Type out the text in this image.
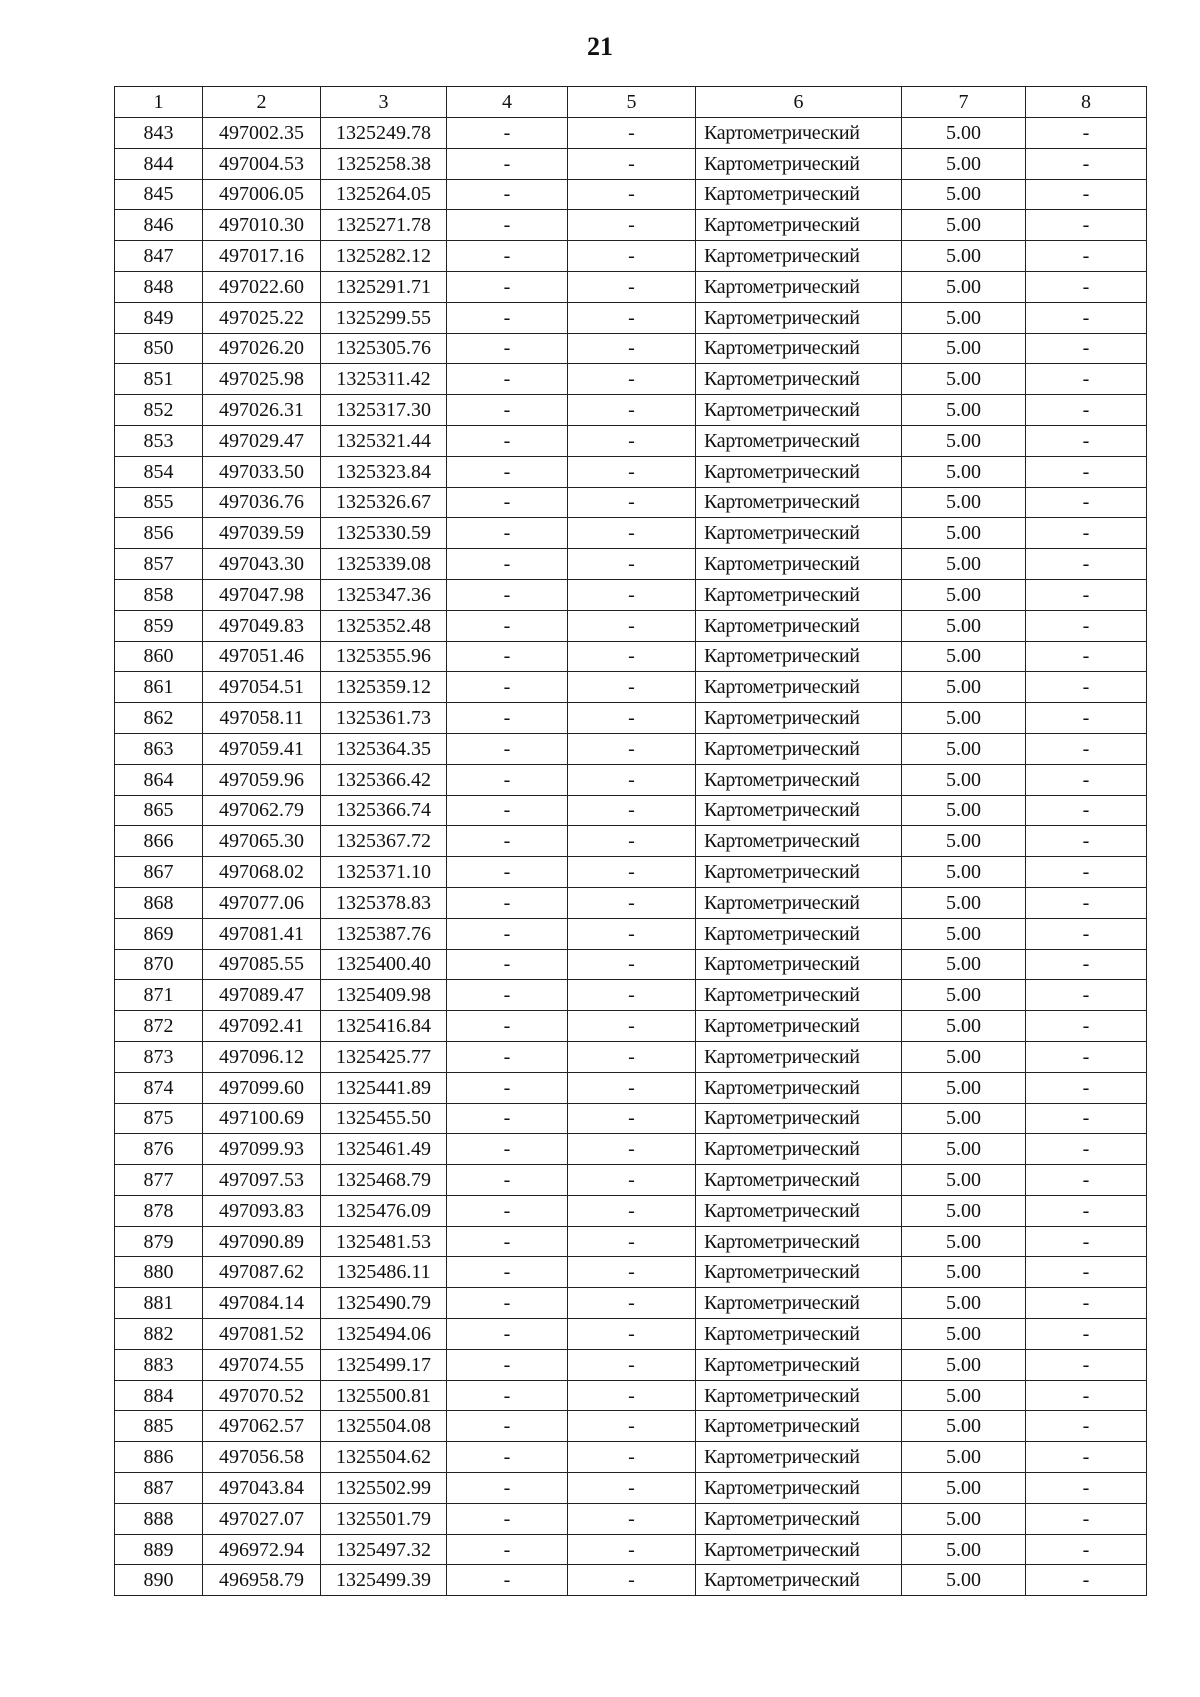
21
1	2	3	4	5	6	7	8
843	497002.35	1325249.78	-	-	Картометрический	5.00	-
844	497004.53	1325258.38	-	-	Картометрический	5.00	-
845	497006.05	1325264.05	-	-	Картометрический	5.00	-
846	497010.30	1325271.78	-	-	Картометрический	5.00	-
847	497017.16	1325282.12	-	-	Картометрический	5.00	-
848	497022.60	1325291.71	-	-	Картометрический	5.00	-
849	497025.22	1325299.55	-	-	Картометрический	5.00	-
850	497026.20	1325305.76	-	-	Картометрический	5.00	-
851	497025.98	1325311.42	-	-	Картометрический	5.00	-
852	497026.31	1325317.30	-	-	Картометрический	5.00	-
853	497029.47	1325321.44	-	-	Картометрический	5.00	-
854	497033.50	1325323.84	-	-	Картометрический	5.00	-
855	497036.76	1325326.67	-	-	Картометрический	5.00	-
856	497039.59	1325330.59	-	-	Картометрический	5.00	-
857	497043.30	1325339.08	-	-	Картометрический	5.00	-
858	497047.98	1325347.36	-	-	Картометрический	5.00	-
859	497049.83	1325352.48	-	-	Картометрический	5.00	-
860	497051.46	1325355.96	-	-	Картометрический	5.00	-
861	497054.51	1325359.12	-	-	Картометрический	5.00	-
862	497058.11	1325361.73	-	-	Картометрический	5.00	-
863	497059.41	1325364.35	-	-	Картометрический	5.00	-
864	497059.96	1325366.42	-	-	Картометрический	5.00	-
865	497062.79	1325366.74	-	-	Картометрический	5.00	-
866	497065.30	1325367.72	-	-	Картометрический	5.00	-
867	497068.02	1325371.10	-	-	Картометрический	5.00	-
868	497077.06	1325378.83	-	-	Картометрический	5.00	-
869	497081.41	1325387.76	-	-	Картометрический	5.00	-
870	497085.55	1325400.40	-	-	Картометрический	5.00	-
871	497089.47	1325409.98	-	-	Картометрический	5.00	-
872	497092.41	1325416.84	-	-	Картометрический	5.00	-
873	497096.12	1325425.77	-	-	Картометрический	5.00	-
874	497099.60	1325441.89	-	-	Картометрический	5.00	-
875	497100.69	1325455.50	-	-	Картометрический	5.00	-
876	497099.93	1325461.49	-	-	Картометрический	5.00	-
877	497097.53	1325468.79	-	-	Картометрический	5.00	-
878	497093.83	1325476.09	-	-	Картометрический	5.00	-
879	497090.89	1325481.53	-	-	Картометрический	5.00	-
880	497087.62	1325486.11	-	-	Картометрический	5.00	-
881	497084.14	1325490.79	-	-	Картометрический	5.00	-
882	497081.52	1325494.06	-	-	Картометрический	5.00	-
883	497074.55	1325499.17	-	-	Картометрический	5.00	-
884	497070.52	1325500.81	-	-	Картометрический	5.00	-
885	497062.57	1325504.08	-	-	Картометрический	5.00	-
886	497056.58	1325504.62	-	-	Картометрический	5.00	-
887	497043.84	1325502.99	-	-	Картометрический	5.00	-
888	497027.07	1325501.79	-	-	Картометрический	5.00	-
889	496972.94	1325497.32	-	-	Картометрический	5.00	-
890	496958.79	1325499.39	-	-	Картометрический	5.00	-
